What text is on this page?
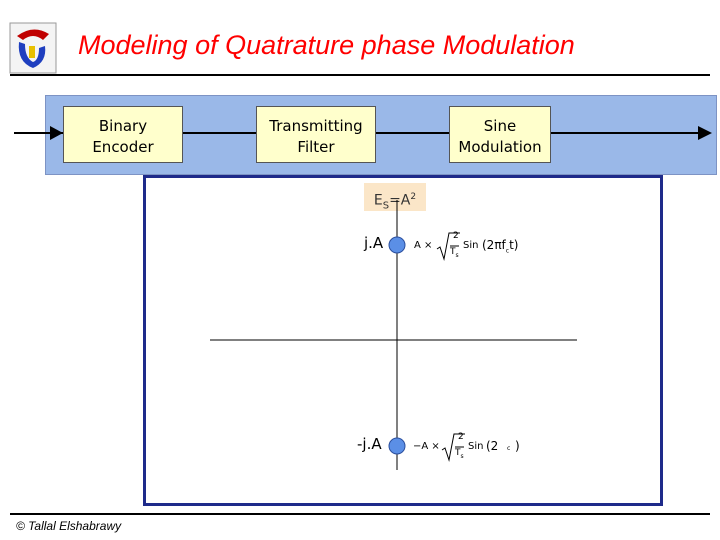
Modeling of Quatrature phase Modulation
Binary
Encoder
Transmitting
Filter
Sine
Modulation
$E_S=A^2$
j.A
-j.A
A ×
2
$T_s$
Sin $(2\pi f_ct)$
−A ×
2
$T_s$
Sin (2 c )
© Tallal Elshabrawy
